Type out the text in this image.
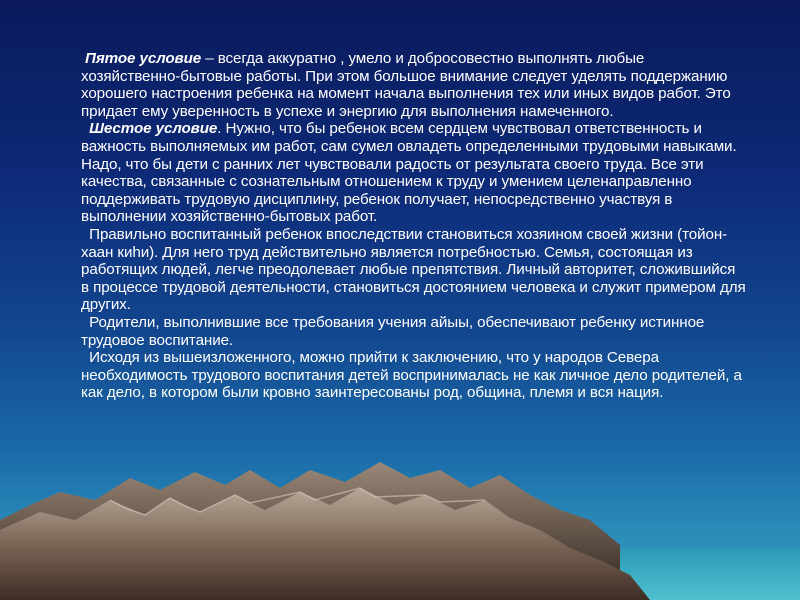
Пятое условие – всегда аккуратно , умело и добросовестно выполнять любые хозяйственно-бытовые работы. При этом большое внимание следует уделять поддержанию хорошего настроения ребенка на момент начала выполнения тех или иных видов работ. Это придает ему уверенность в успехе и энергию для выполнения намеченного.

Шестое условие. Нужно, что бы ребенок всем сердцем чувствовал ответственность и важность выполняемых им работ, сам сумел овладеть определенными трудовыми навыками. Надо, что бы дети с ранних лет чувствовали радость от результата своего труда. Все эти качества, связанные с сознательным отношением к труду и умением целенаправленно поддерживать трудовую дисциплину, ребенок получает, непосредственно участвуя в выполнении хозяйственно-бытовых работ.

Правильно воспитанный ребенок впоследствии становиться хозяином своей жизни (тойон-хаан киhи). Для него труд действительно является потребностью. Семья, состоящая из работящих людей, легче преодолевает любые препятствия. Личный авторитет, сложившийся в процессе трудовой деятельности, становиться достоянием человека и служит примером для других.

Родители, выполнившие все требования учения айыы, обеспечивают ребенку истинное трудовое воспитание.

Исходя из вышеизложенного, можно прийти к заключению, что у народов Севера необходимость трудового воспитания детей воспринималась не как личное дело родителей, а как дело, в котором были кровно заинтересованы род, община, племя и вся нация.
